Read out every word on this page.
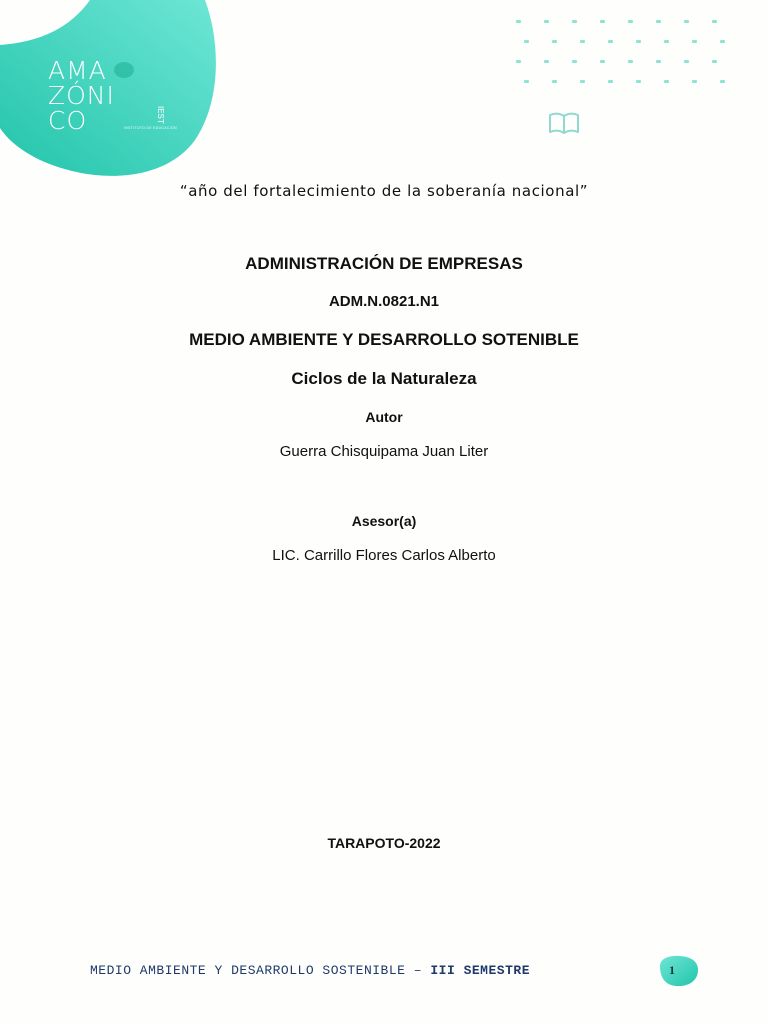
AMA
ZÓNI
CO	IEST
INSTITUTO DE EDUCACIÓN
“año del fortalecimiento de la soberanía nacional”
ADMINISTRACIÓN DE EMPRESAS
ADM.N.0821.N1
MEDIO AMBIENTE Y DESARROLLO SOTENIBLE
Ciclos de la Naturaleza
Autor
Guerra Chisquipama Juan Liter
Asesor(a)
LIC. Carrillo Flores Carlos Alberto
TARAPOTO-2022
MEDIO AMBIENTE Y DESARROLLO SOSTENIBLE – III SEMESTRE	1
